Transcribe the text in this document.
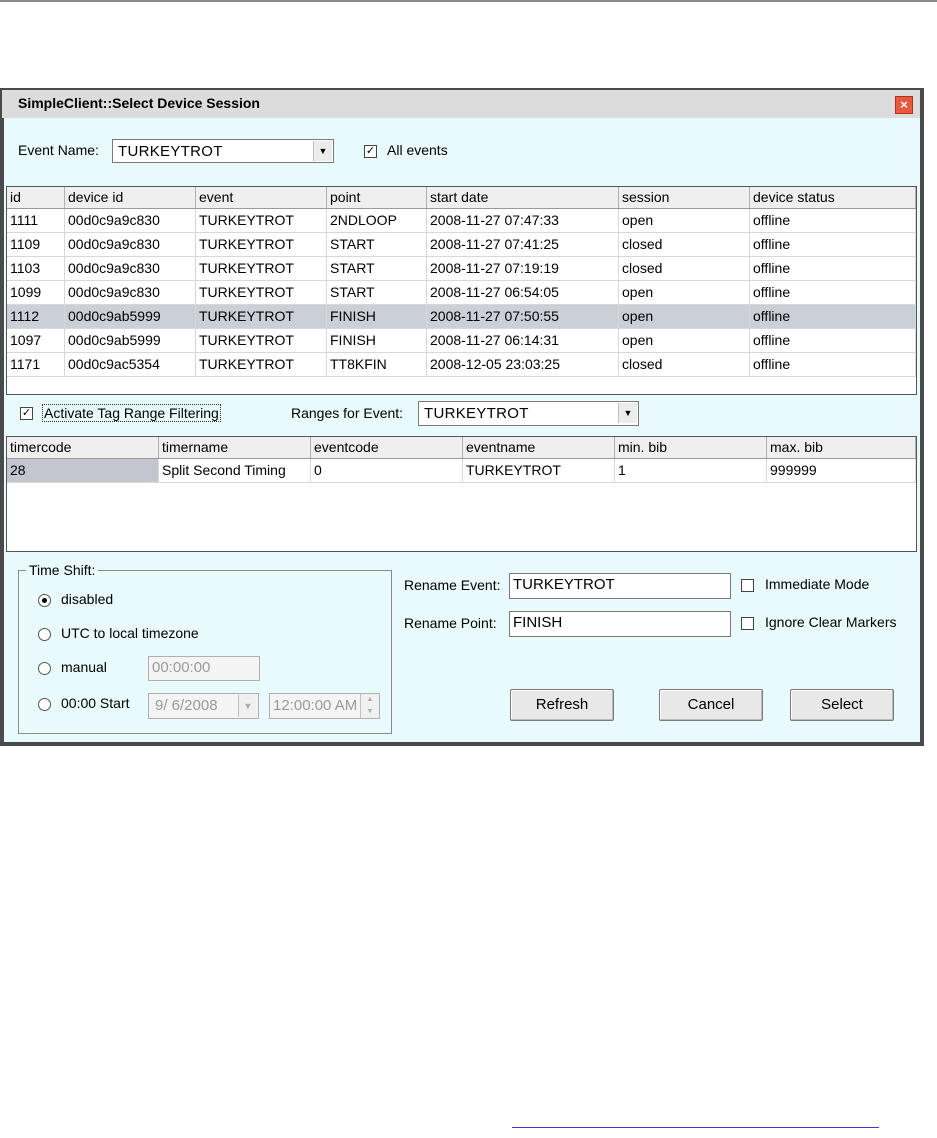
SimpleClient::Select Device Session	×
Event Name: TURKEYTROT	▼	✓ All events
id	device id	event	point	start date	session	device status
1111	00d0c9a9c830	TURKEYTROT	2NDLOOP	2008-11-27 07:47:33	open	offline
1109	00d0c9a9c830	TURKEYTROT	START	2008-11-27 07:41:25	closed	offline
1103	00d0c9a9c830	TURKEYTROT	START	2008-11-27 07:19:19	closed	offline
1099	00d0c9a9c830	TURKEYTROT	START	2008-11-27 06:54:05	open	offline
1112	00d0c9ab5999	TURKEYTROT	FINISH	2008-11-27 07:50:55	open	offline
1097	00d0c9ab5999	TURKEYTROT	FINISH	2008-11-27 06:14:31	open	offline
1171	00d0c9ac5354	TURKEYTROT	TT8KFIN	2008-12-05 23:03:25	closed	offline
✓ Activate Tag Range Filtering	Ranges for Event: TURKEYTROT	▼
timercode	timername	eventcode	eventname	min. bib	max. bib
28	Split Second Timing	0	TURKEYTROT	1	999999
Time Shift:
disabled
UTC to local timezone
manual	00:00:00
00:00 Start 9/ 6/2008	▼	12:00:00 AM	▲
▼
Rename Event: TURKEYTROT
Rename Point: FINISH
Immediate Mode
Ignore Clear Markers
Refresh	Cancel	Select
